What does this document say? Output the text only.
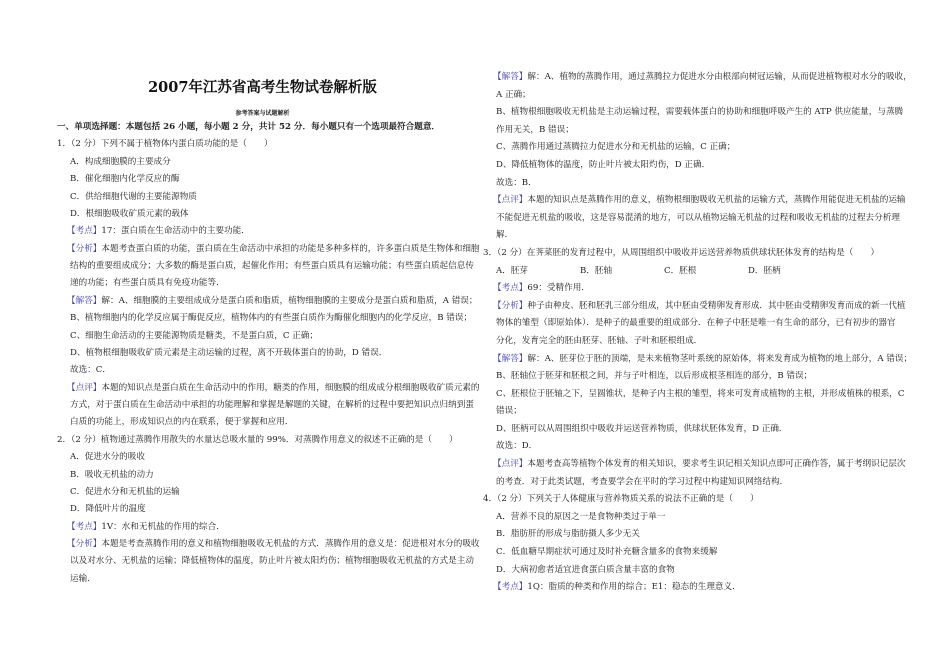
2007年江苏省高考生物试卷解析版
参考答案与试题解析
一、单项选择题：本题包括 26 小题，每小题 2 分，共计 52 分．每小题只有一个选项最符合题意．
1．（2 分）下列不属于植物体内蛋白质功能的是（　　）
A．构成细胞膜的主要成分
B．催化细胞内化学反应的酶
C．供给细胞代谢的主要能源物质
D．根细胞吸收矿质元素的载体
【考点】17：蛋白质在生命活动中的主要功能．
【分析】本题考查蛋白质的功能，蛋白质在生命活动中承担的功能是多种多样的，许多蛋白质是生物体和细胞
结构的重要组成成分；大多数的酶是蛋白质，起催化作用；有些蛋白质具有运输功能；有些蛋白质起信息传
递的功能；有些蛋白质具有免疫功能等．
【解答】解：A、细胞膜的主要组成成分是蛋白质和脂质，植物细胞膜的主要成分是蛋白质和脂质，A 错误；
B、植物细胞内的化学反应属于酶促反应，植物体内的有些蛋白质作为酶催化细胞内的化学反应，B 错误；
C、细胞生命活动的主要能源物质是糖类，不是蛋白质，C 正确；
D、植物根细胞吸收矿质元素是主动运输的过程，离不开载体蛋白的协助，D 错误．
故选：C．
【点评】本题的知识点是蛋白质在生命活动中的作用，糖类的作用，细胞膜的组成成分根细胞吸收矿质元素的
方式，对于蛋白质在生命活动中承担的功能理解和掌握是解题的关键，在解析的过程中要把知识点归纳到蛋
白质的功能上，形成知识点的内在联系，便于掌握和应用．
2．（2 分）植物通过蒸腾作用散失的水量达总吸水量的 99%．对蒸腾作用意义的叙述不正确的是（　　）
A．促进水分的吸收
B．吸收无机盐的动力
C．促进水分和无机盐的运输
D．降低叶片的温度
【考点】1V：水和无机盐的作用的综合．
【分析】本题是考查蒸腾作用的意义和植物细胞吸收无机盐的方式．蒸腾作用的意义是：促进根对水分的吸收
以及对水分、无机盐的运输；降低植物体的温度，防止叶片被太阳灼伤；植物细胞吸收无机盐的方式是主动
运输．
【解答】解：A、植物的蒸腾作用，通过蒸腾拉力促进水分由根部向树冠运输，从而促进植物根对水分的吸收，
A 正确；
B、植物根细胞吸收无机盐是主动运输过程，需要载体蛋白的协助和细胞呼吸产生的 ATP 供应能量，与蒸腾
作用无关，B 错误；
C、蒸腾作用通过蒸腾拉力促进水分和无机盐的运输，C 正确；
D、降低植物体的温度，防止叶片被太阳灼伤，D 正确．
故选：B．
【点评】本题的知识点是蒸腾作用的意义，植物根细胞吸收无机盐的运输方式，蒸腾作用能促进无机盐的运输
不能促进无机盐的吸收，这是容易混淆的地方，可以从植物运输无机盐的过程和吸收无机盐的过程去分析理
解．
3．（2 分）在荠菜胚的发育过程中，从周围组织中吸收并运送营养物质供球状胚体发育的结构是（　　）
A．胚芽	B．胚轴	C．胚根	D．胚柄
【考点】69：受精作用．
【分析】种子由种皮、胚和胚乳三部分组成，其中胚由受精卵发育形成．其中胚由受精卵发育而成的新一代植
物体的雏型（即原始体）．是种子的最重要的组成部分．在种子中胚是唯一有生命的部分，已有初步的器官
分化，发育完全的胚由胚芽、胚轴、子叶和胚根组成．
【解答】解：A、胚芽位于胚的顶端，是未来植物茎叶系统的原始体，将来发育成为植物的地上部分，A 错误；
B、胚轴位于胚芽和胚根之间，并与子叶相连，以后形成根茎相连的部分，B 错误；
C、胚根位于胚轴之下，呈圆锥状，是种子内主根的雏型，将来可发育成植物的主根，并形成植株的根系，C
错误；
D、胚柄可以从周围组织中吸收并运送营养物质，供球状胚体发育，D 正确．
故选：D．
【点评】本题考查高等植物个体发育的相关知识，要求考生识记相关知识点即可正确作答，属于考纲识记层次
的考查．对于此类试题，考查要学会在平时的学习过程中构建知识网络结构．
4．（2 分）下列关于人体健康与营养物质关系的说法不正确的是（　　）
A．营养不良的原因之一是食物种类过于单一
B．脂肪肝的形成与脂肪摄人多少无关
C．低血糖早期症状可通过及时补充糖含量多的食物来缓解
D．大病初愈者适宜进食蛋白质含量丰富的食物
【考点】1Q：脂质的种类和作用的综合；E1：稳态的生理意义．
